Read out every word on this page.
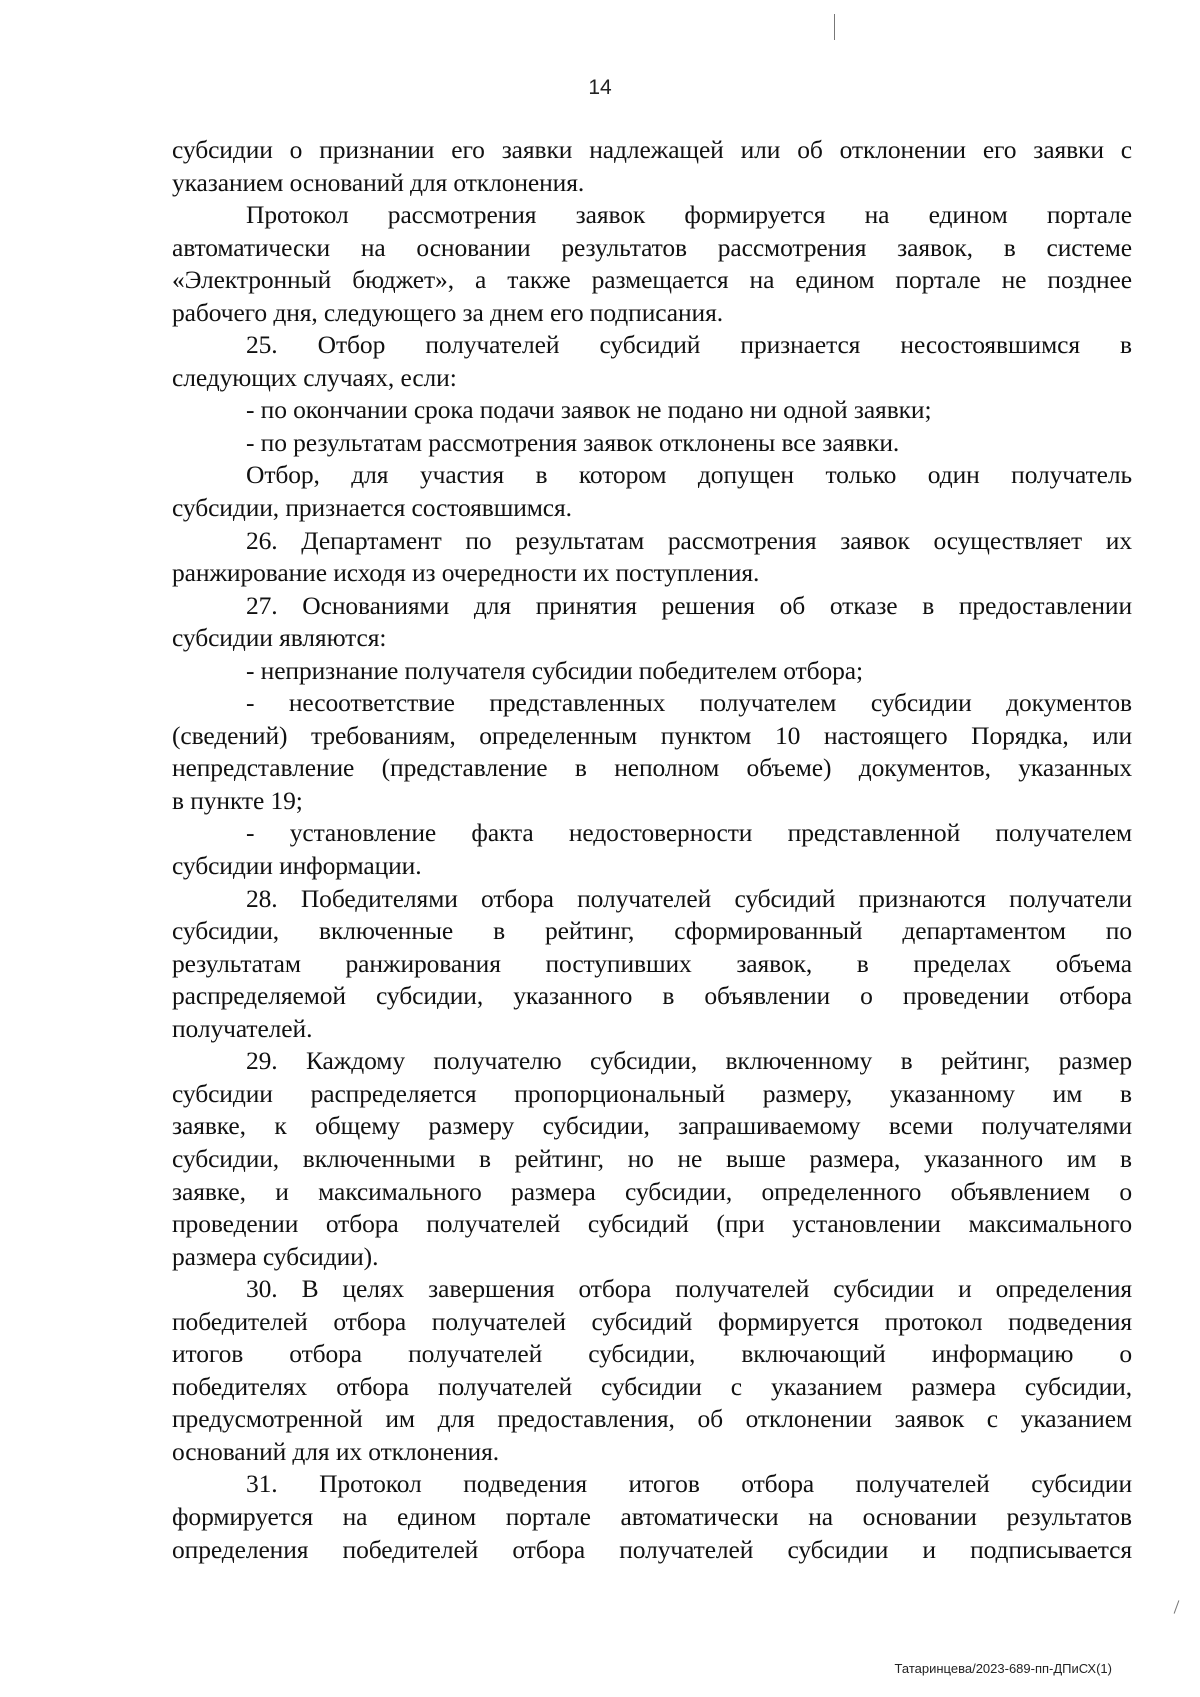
14
субсидии о признании его заявки надлежащей или об отклонении его заявки с
указанием оснований для отклонения.
Протокол рассмотрения заявок формируется на едином портале
автоматически на основании результатов рассмотрения заявок, в системе
«Электронный бюджет», а также размещается на едином портале не позднее
рабочего дня, следующего за днем его подписания.
25. Отбор получателей субсидий признается несостоявшимся в
следующих случаях, если:
- по окончании срока подачи заявок не подано ни одной заявки;
- по результатам рассмотрения заявок отклонены все заявки.
Отбор, для участия в котором допущен только один получатель
субсидии, признается состоявшимся.
26. Департамент по результатам рассмотрения заявок осуществляет их
ранжирование исходя из очередности их поступления.
27. Основаниями для принятия решения об отказе в предоставлении
субсидии являются:
- непризнание получателя субсидии победителем отбора;
- несоответствие представленных получателем субсидии документов
(сведений) требованиям, определенным пунктом 10 настоящего Порядка, или
непредставление (представление в неполном объеме) документов, указанных
в пункте 19;
- установление факта недостоверности представленной получателем
субсидии информации.
28. Победителями отбора получателей субсидий признаются получатели
субсидии, включенные в рейтинг, сформированный департаментом по
результатам ранжирования поступивших заявок, в пределах объема
распределяемой субсидии, указанного в объявлении о проведении отбора
получателей.
29. Каждому получателю субсидии, включенному в рейтинг, размер
субсидии распределяется пропорциональный размеру, указанному им в
заявке, к общему размеру субсидии, запрашиваемому всеми получателями
субсидии, включенными в рейтинг, но не выше размера, указанного им в
заявке, и максимального размера субсидии, определенного объявлением о
проведении отбора получателей субсидий (при установлении максимального
размера субсидии).
30. В целях завершения отбора получателей субсидии и определения
победителей отбора получателей субсидий формируется протокол подведения
итогов отбора получателей субсидии, включающий информацию о
победителях отбора получателей субсидии с указанием размера субсидии,
предусмотренной им для предоставления, об отклонении заявок с указанием
оснований для их отклонения.
31. Протокол подведения итогов отбора получателей субсидии
формируется на едином портале автоматически на основании результатов
определения победителей отбора получателей субсидии и подписывается
Татаринцева/2023-689-пп-ДПиСХ(1)
